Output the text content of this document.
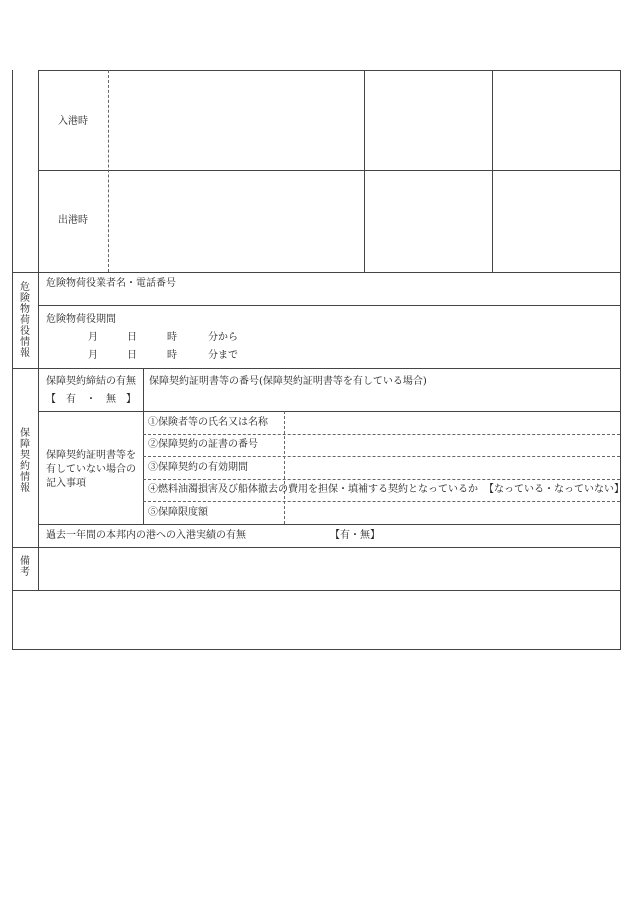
入港時
出港時
危
険
物
荷
役
情
報
危険物荷役業者名・電話番号
危険物荷役期間
月	日	時	分から
月	日	時	分まで
保
障
契
約
情
報
保障契約締結の有無
【　有　・　無　】
保障契約証明書等の番号(保障契約証明書等を有している場合)
保障契約証明書等を
有していない場合の
記入事項
①保険者等の氏名又は名称
②保障契約の証書の番号
③保障契約の有効期間
④燃料油濁損害及び船体撤去の費用を担保・填補する契約となっているか 【なっている・なっていない】
⑤保障限度額
過去一年間の本邦内の港への入港実績の有無	【有・無】
備
考
